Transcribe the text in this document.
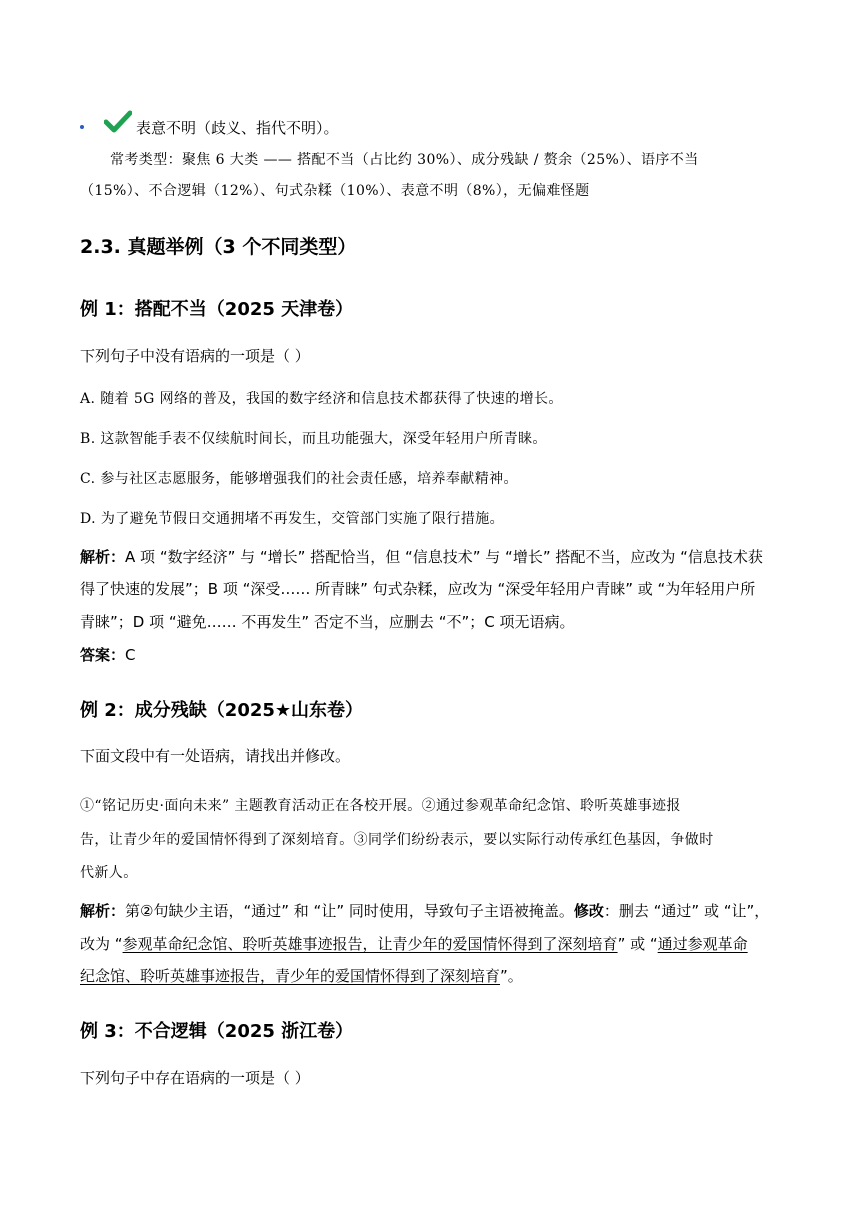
表意不明（歧义、指代不明）。
常考类型：聚焦 6 大类 —— 搭配不当（占比约 30%）、成分残缺 / 赘余（25%）、语序不当
（15%）、不合逻辑（12%）、句式杂糅（10%）、表意不明（8%），无偏难怪题
2.3. 真题举例（3 个不同类型）
例 1：搭配不当（2025 天津卷）
下列句子中没有语病的一项是（ ）
A. 随着 5G 网络的普及，我国的数字经济和信息技术都获得了快速的增长。
B. 这款智能手表不仅续航时间长，而且功能强大，深受年轻用户所青睐。
C. 参与社区志愿服务，能够增强我们的社会责任感，培养奉献精神。
D. 为了避免节假日交通拥堵不再发生，交管部门实施了限行措施。
解析：A 项 “数字经济” 与 “增长” 搭配恰当，但 “信息技术” 与 “增长” 搭配不当，应改为 “信息技术获
得了快速的发展”；B 项 “深受…… 所青睐” 句式杂糅，应改为 “深受年轻用户青睐” 或 “为年轻用户所
青睐”；D 项 “避免…… 不再发生” 否定不当，应删去 “不”；C 项无语病。
答案：C
例 2：成分残缺（2025★山东卷）
下面文段中有一处语病，请找出并修改。
①“铭记历史·面向未来” 主题教育活动正在各校开展。②通过参观革命纪念馆、聆听英雄事迹报
告，让青少年的爱国情怀得到了深刻培育。③同学们纷纷表示，要以实际行动传承红色基因，争做时
代新人。
解析：第②句缺少主语，“通过” 和 “让” 同时使用，导致句子主语被掩盖。修改：删去 “通过” 或 “让”，
改为 “参观革命纪念馆、聆听英雄事迹报告，让青少年的爱国情怀得到了深刻培育” 或 “通过参观革命
纪念馆、聆听英雄事迹报告，青少年的爱国情怀得到了深刻培育”。
例 3：不合逻辑（2025 浙江卷）
下列句子中存在语病的一项是（ ）
